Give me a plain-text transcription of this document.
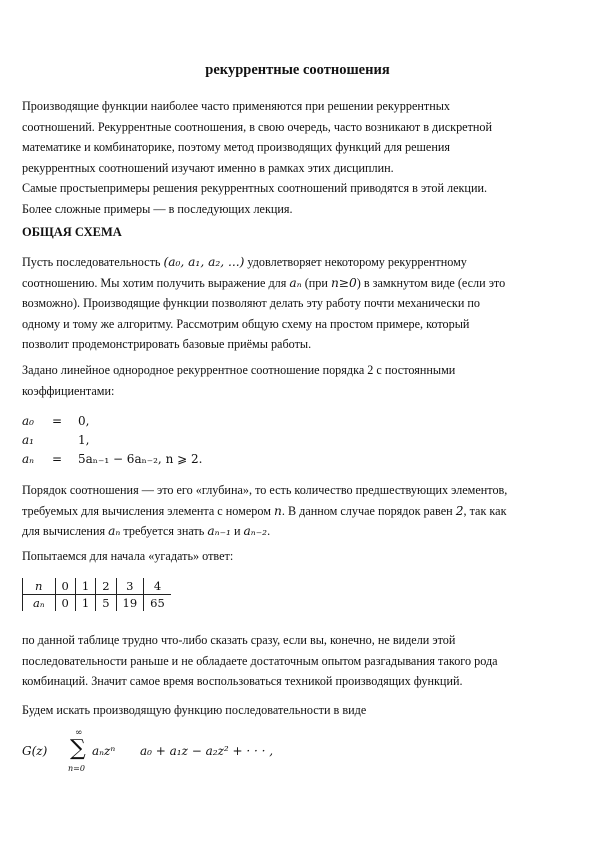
рекуррентные соотношения
Производящие функции наиболее часто применяются при решении рекуррентных
соотношений. Рекуррентные соотношения, в свою очередь, часто возникают в дискретной
математике и комбинаторике, поэтому метод производящих функций для решения
рекуррентных соотношений изучают именно в рамках этих дисциплин.
Самые простыепримеры решения рекуррентных соотношений приводятся в этой лекции.
Более сложные примеры — в последующих лекция.
ОБЩАЯ СХЕМА
Пусть последовательность (a₀, a₁, a₂, ...) удовлетворяет некоторому рекуррентному
соотношению. Мы хотим получить выражение для aₙ (при n≥0) в замкнутом виде (если это
возможно). Производящие функции позволяют делать эту работу почти механически по
одному и тому же алгоритму. Рассмотрим общую схему на простом примере, который
позволит продемонстрировать базовые приёмы работы.
Задано линейное однородное рекуррентное соотношение порядка 2 с постоянными
коэффициентами:
a₀ = 0,
a₁	1,
aₙ = 5aₙ₋₁ − 6aₙ₋₂, n ⩾ 2.
Порядок соотношения — это его «глубина», то есть количество предшествующих элементов,
требуемых для вычисления элемента с номером n. В данном случае порядок равен 2, так как
для вычисления aₙ требуется знать aₙ₋₁ и aₙ₋₂.
Попытаемся для начала «угадать» ответ:
n	0	1	2	3	4
aₙ	0	1	5	19	65
по данной таблице трудно что-либо сказать сразу, если вы, конечно, не видели этой
последовательности раньше и не обладаете достаточным опытом разгадывания такого рода
комбинаций. Значит самое время воспользоваться техникой производящих функций.
Будем искать производящую функцию последовательности в виде
G(z)
∞
∑
n=0
aₙzⁿ a₀ + a₁z − a₂z² + · · · ,
